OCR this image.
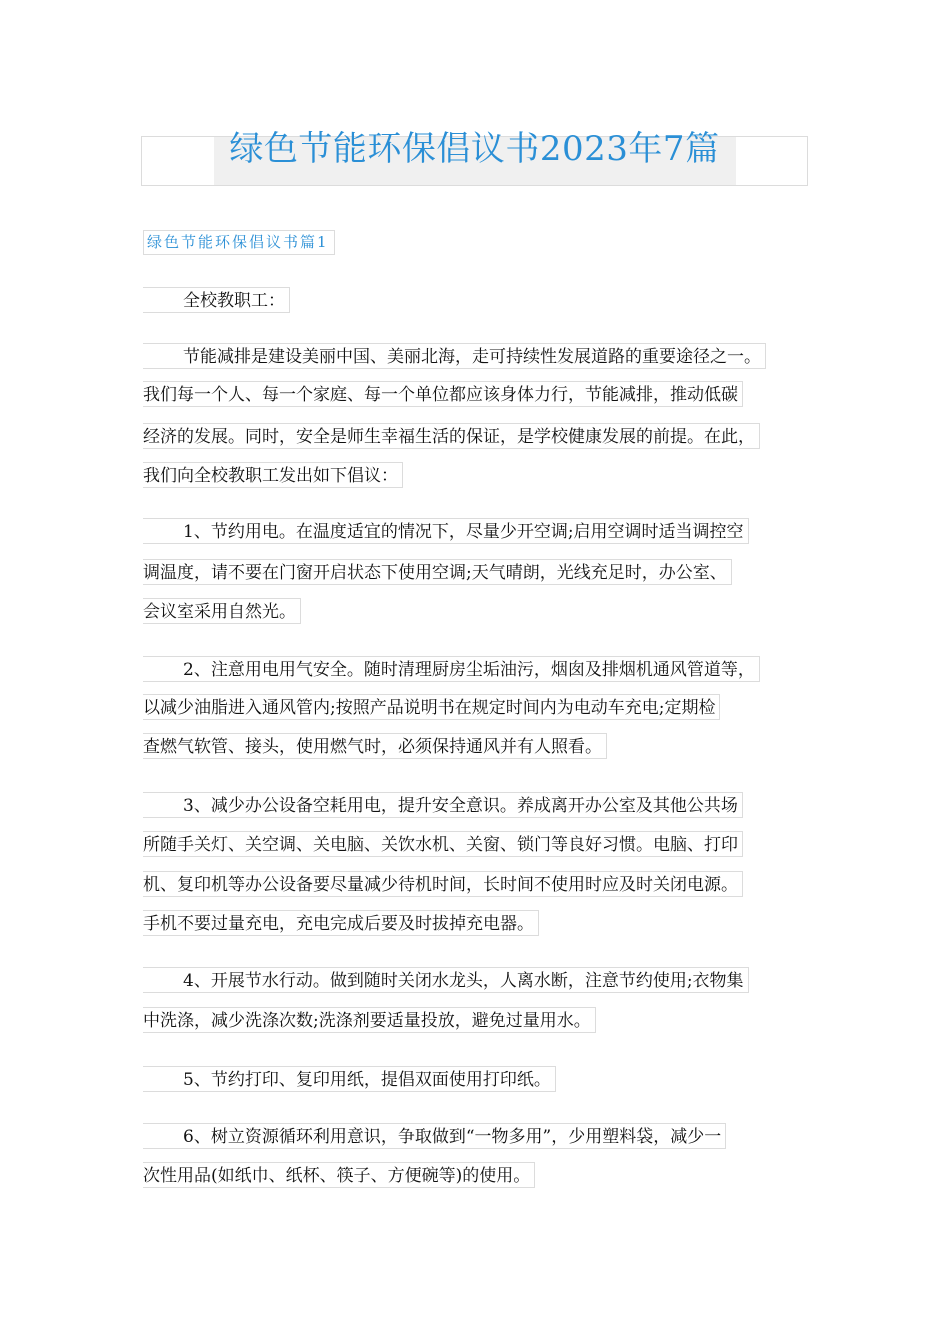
绿色节能环保倡议书2023年7篇
绿色节能环保倡议书篇1
全校教职工：
节能减排是建设美丽中国、美丽北海，走可持续性发展道路的重要途径之一。
我们每一个人、每一个家庭、每一个单位都应该身体力行，节能减排，推动低碳
经济的发展。同时，安全是师生幸福生活的保证，是学校健康发展的前提。在此，
我们向全校教职工发出如下倡议：
1、节约用电。在温度适宜的情况下，尽量少开空调;启用空调时适当调控空
调温度，请不要在门窗开启状态下使用空调;天气晴朗，光线充足时，办公室、
会议室采用自然光。
2、注意用电用气安全。随时清理厨房尘垢油污，烟囱及排烟机通风管道等，
以减少油脂进入通风管内;按照产品说明书在规定时间内为电动车充电;定期检
查燃气软管、接头，使用燃气时，必须保持通风并有人照看。
3、减少办公设备空耗用电，提升安全意识。养成离开办公室及其他公共场
所随手关灯、关空调、关电脑、关饮水机、关窗、锁门等良好习惯。电脑、打印
机、复印机等办公设备要尽量减少待机时间，长时间不使用时应及时关闭电源。
手机不要过量充电，充电完成后要及时拔掉充电器。
4、开展节水行动。做到随时关闭水龙头，人离水断，注意节约使用;衣物集
中洗涤，减少洗涤次数;洗涤剂要适量投放，避免过量用水。
5、节约打印、复印用纸，提倡双面使用打印纸。
6、树立资源循环利用意识，争取做到“一物多用”，少用塑料袋，减少一
次性用品(如纸巾、纸杯、筷子、方便碗等)的使用。
